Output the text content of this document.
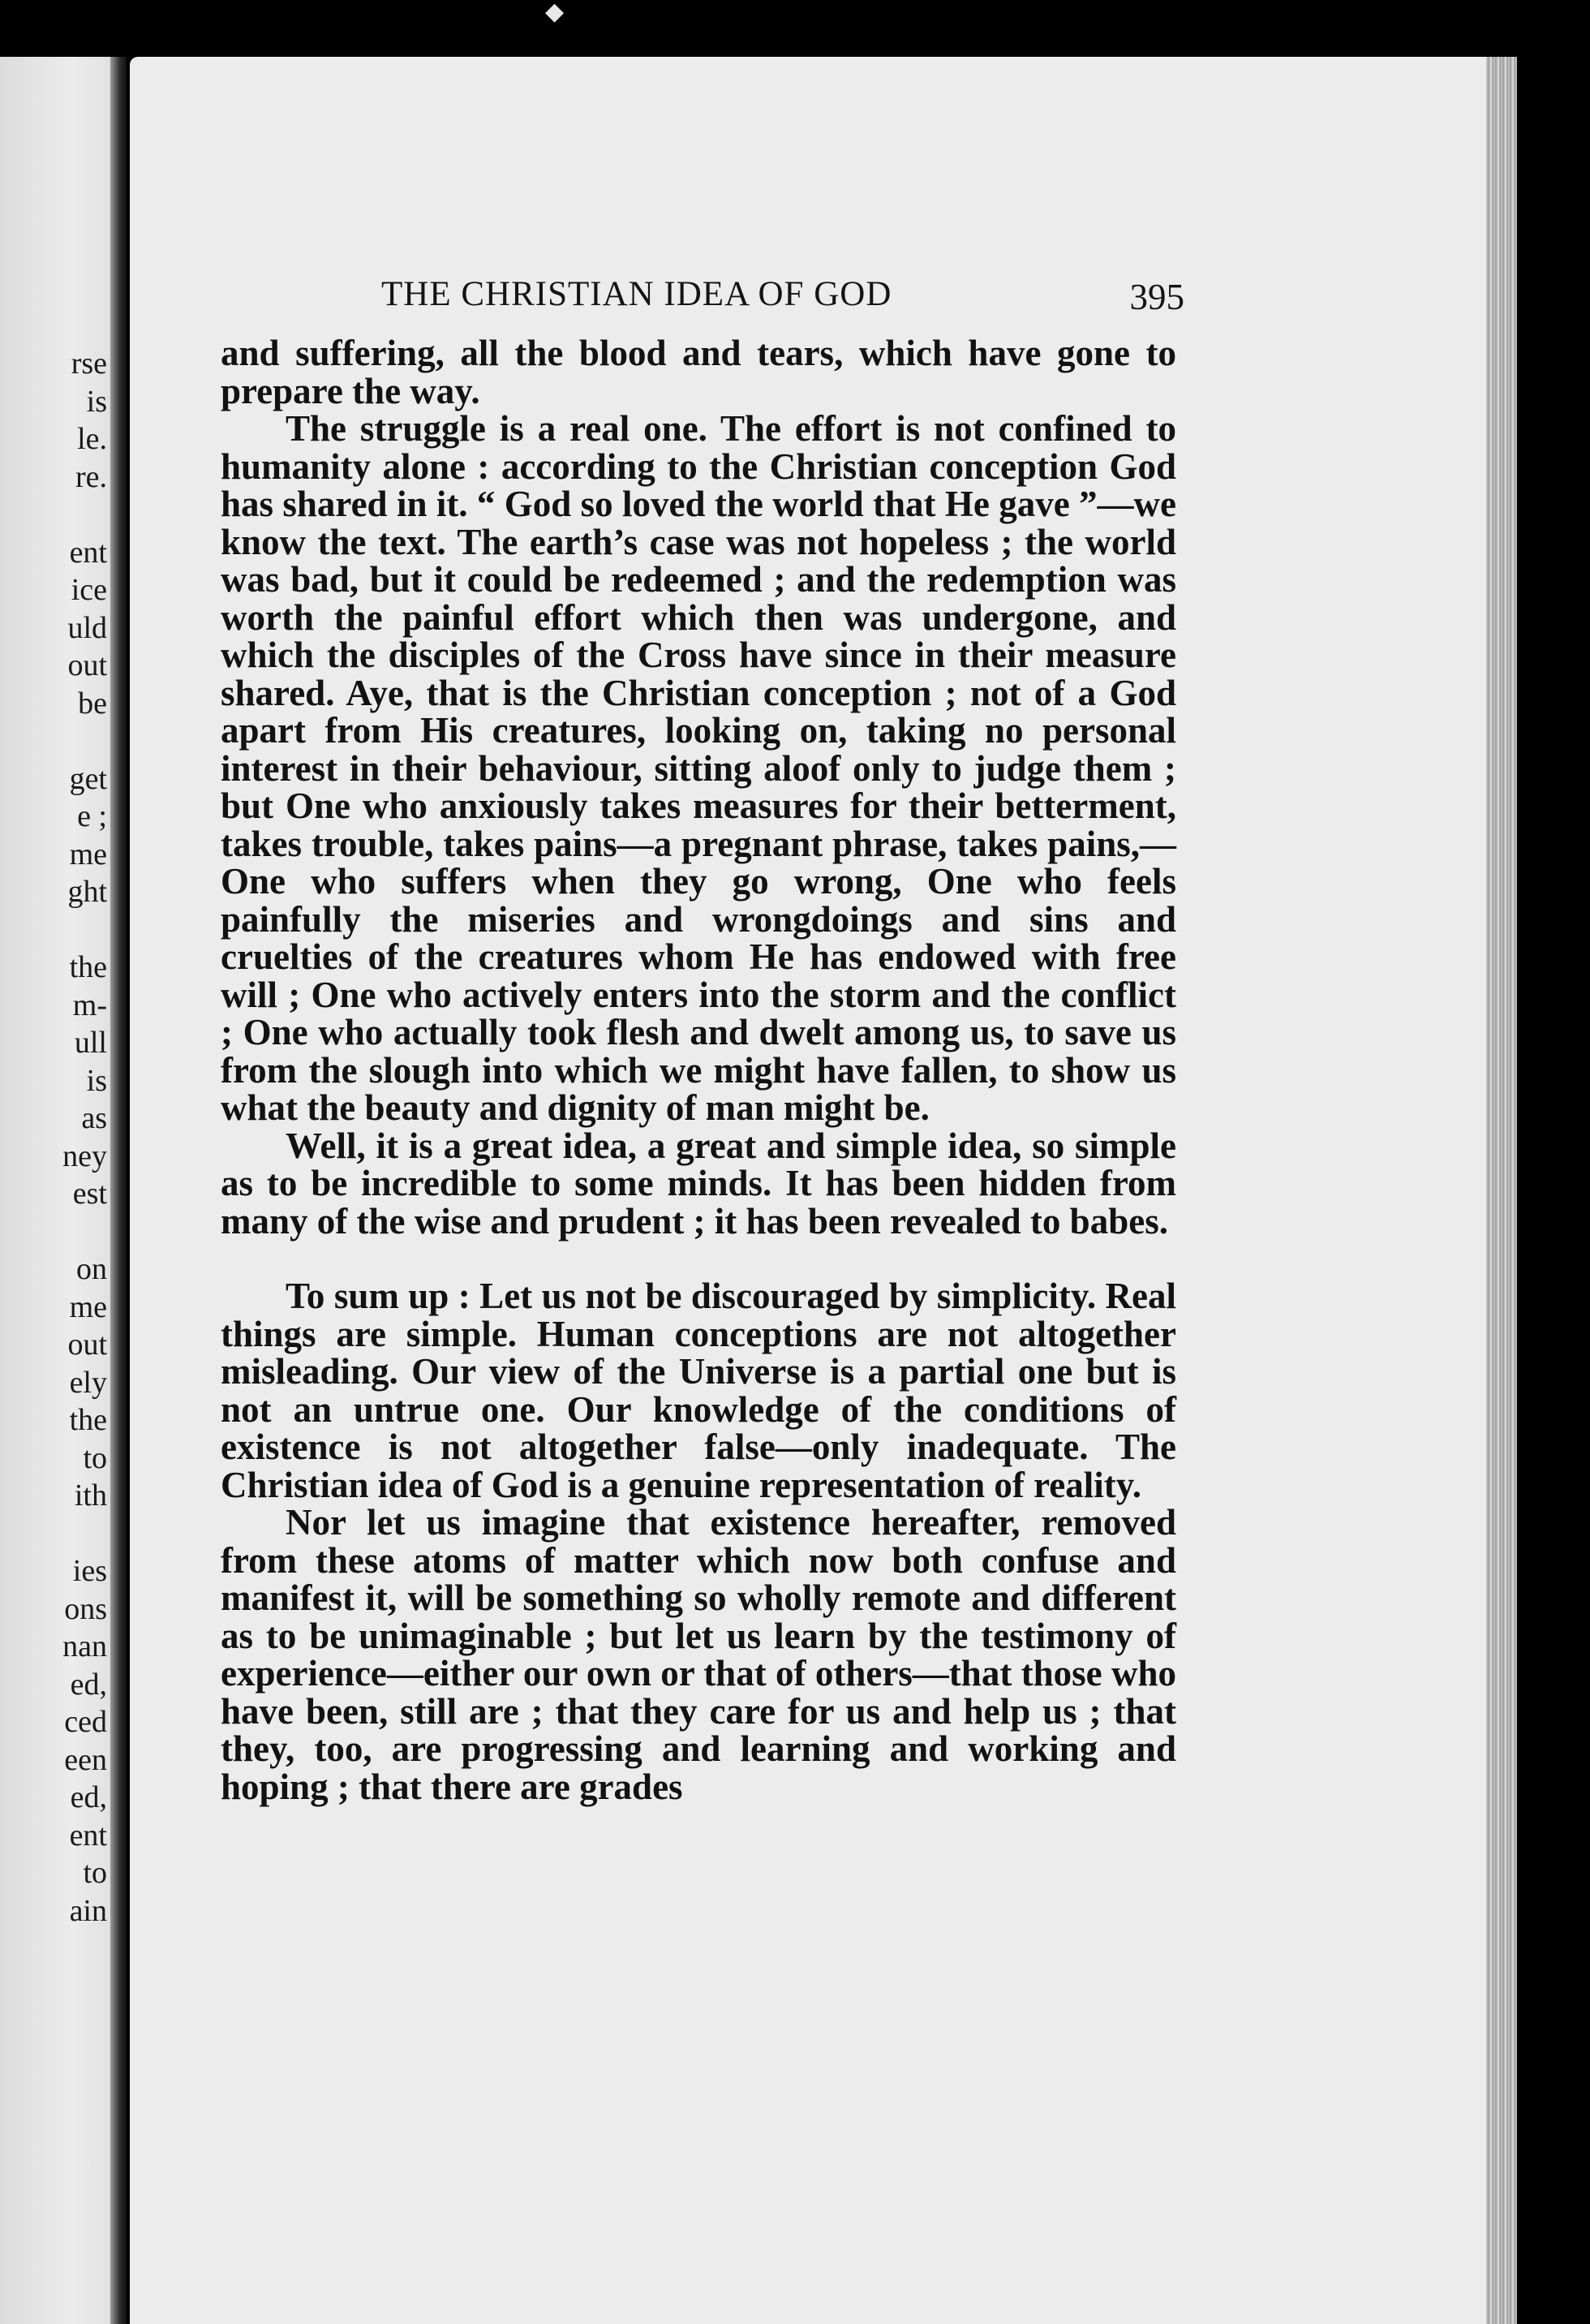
◆
rse
is
le.
re.
ent
ice
uld
out
be
get
e ;
me
ght
the
m-
ull
is
as
ney
est
on
me
out
ely
the
to
ith
ies
ons
nan
ed,
ced
een
ed,
ent
to
ain
THE CHRISTIAN IDEA OF GOD	395

and suffering, all the blood and tears, which have gone to prepare the way.

The struggle is a real one. The effort is not confined to humanity alone : according to the Christian conception God has shared in it. “ God so loved the world that He gave ”—we know the text. The earth’s case was not hopeless ; the world was bad, but it could be redeemed ; and the redemption was worth the painful effort which then was undergone, and which the disciples of the Cross have since in their measure shared. Aye, that is the Christian conception ; not of a God apart from His creatures, looking on, taking no personal interest in their behaviour, sitting aloof only to judge them ; but One who anxiously takes measures for their betterment, takes trouble, takes pains—a pregnant phrase, takes pains,—One who suffers when they go wrong, One who feels painfully the miseries and wrongdoings and sins and cruelties of the creatures whom He has endowed with free will ; One who actively enters into the storm and the conflict ; One who actually took flesh and dwelt among us, to save us from the slough into which we might have fallen, to show us what the beauty and dignity of man might be.

Well, it is a great idea, a great and simple idea, so simple as to be incredible to some minds. It has been hidden from many of the wise and prudent ; it has been revealed to babes.

To sum up : Let us not be discouraged by simplicity. Real things are simple. Human conceptions are not altogether misleading. Our view of the Universe is a partial one but is not an untrue one. Our knowledge of the conditions of existence is not altogether false—only inadequate. The Christian idea of God is a genuine representation of reality.

Nor let us imagine that existence hereafter, removed from these atoms of matter which now both confuse and manifest it, will be something so wholly remote and different as to be unimaginable ; but let us learn by the testimony of experience—either our own or that of others—that those who have been, still are ; that they care for us and help us ; that they, too, are progressing and learning and working and hoping ; that there are grades
